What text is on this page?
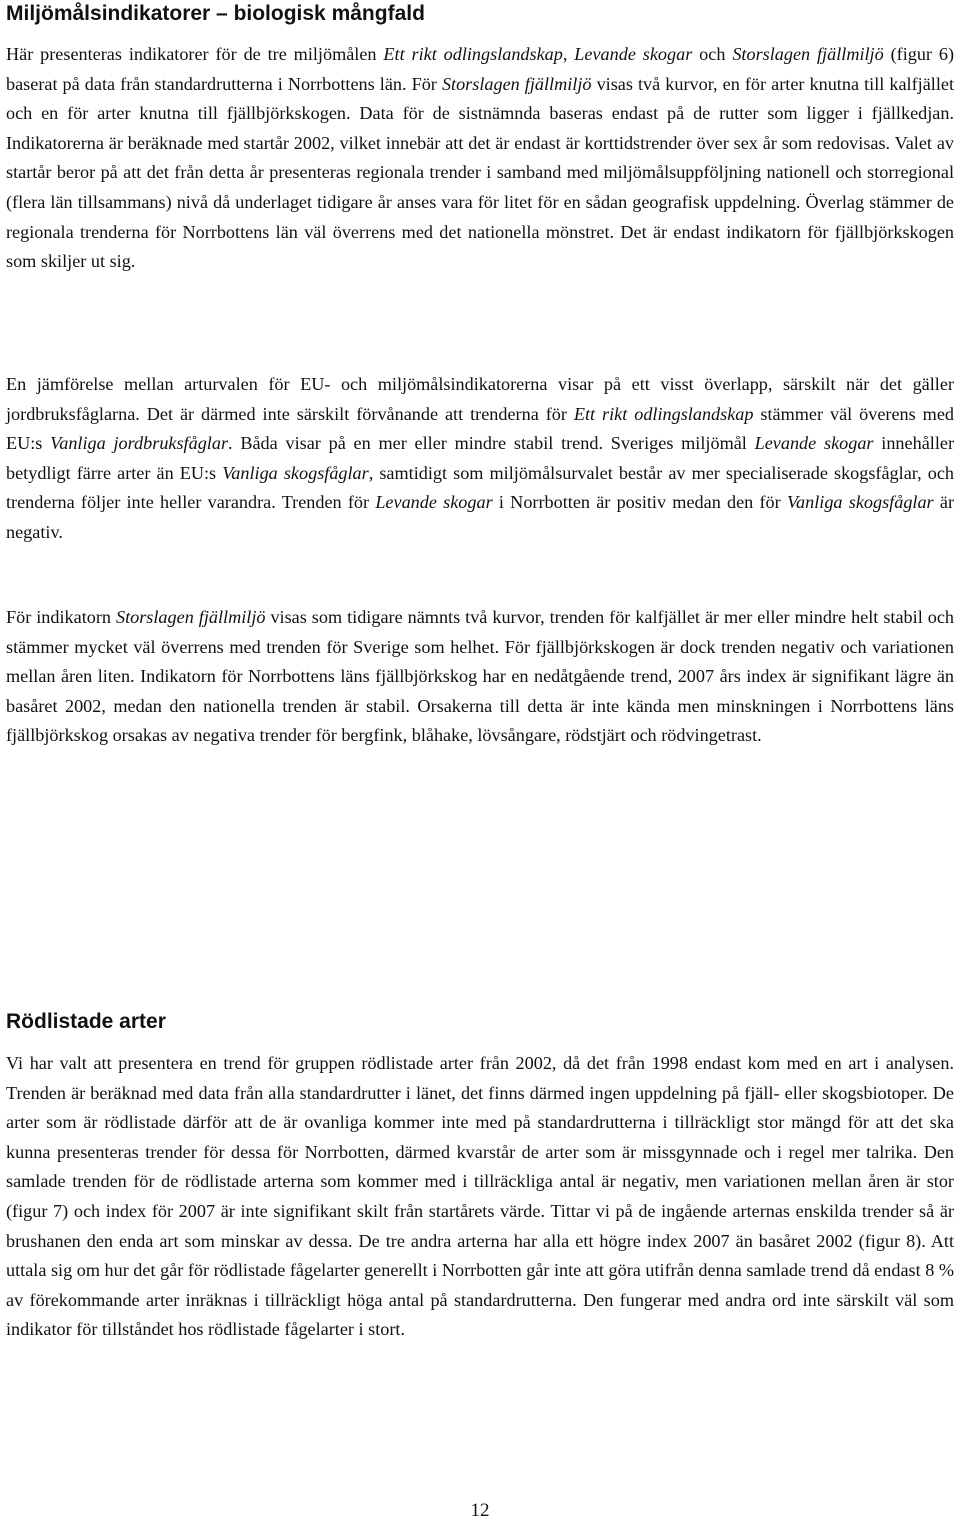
Miljömålsindikatorer – biologisk mångfald

Här presenteras indikatorer för de tre miljömålen Ett rikt odlingslandskap, Levande skogar och Storslagen fjällmiljö (figur 6) baserat på data från standardrutterna i Norrbottens län. För Storslagen fjällmiljö visas två kurvor, en för arter knutna till kalfjället och en för arter knutna till fjällbjörkskogen. Data för de sistnämnda baseras endast på de rutter som ligger i fjällkedjan. Indikatorerna är beräknade med startår 2002, vilket innebär att det är endast är korttidstrender över sex år som redovisas. Valet av startår beror på att det från detta år presenteras regionala trender i samband med miljömålsuppföljning nationell och storregional (flera län tillsammans) nivå då underlaget tidigare år anses vara för litet för en sådan geografisk uppdelning. Överlag stämmer de regionala trenderna för Norrbottens län väl överrens med det nationella mönstret. Det är endast indikatorn för fjällbjörkskogen som skiljer ut sig.

En jämförelse mellan arturvalen för EU- och miljömålsindikatorerna visar på ett visst överlapp, särskilt när det gäller jordbruksfåglarna. Det är därmed inte särskilt förvånande att trenderna för Ett rikt odlingslandskap stämmer väl överens med EU:s Vanliga jordbruksfåglar. Båda visar på en mer eller mindre stabil trend. Sveriges miljömål Levande skogar innehåller betydligt färre arter än EU:s Vanliga skogsfåglar, samtidigt som miljömålsurvalet består av mer specialiserade skogsfåglar, och trenderna följer inte heller varandra. Trenden för Levande skogar i Norrbotten är positiv medan den för Vanliga skogsfåglar är negativ.

För indikatorn Storslagen fjällmiljö visas som tidigare nämnts två kurvor, trenden för kalfjället är mer eller mindre helt stabil och stämmer mycket väl överrens med trenden för Sverige som helhet. För fjällbjörkskogen är dock trenden negativ och variationen mellan åren liten. Indikatorn för Norrbottens läns fjällbjörkskog har en nedåtgående trend, 2007 års index är signifikant lägre än basåret 2002, medan den nationella trenden är stabil. Orsakerna till detta är inte kända men minskningen i Norrbottens läns fjällbjörkskog orsakas av negativa trender för bergfink, blåhake, lövsångare, rödstjärt och rödvingetrast.

Rödlistade arter

Vi har valt att presentera en trend för gruppen rödlistade arter från 2002, då det från 1998 endast kom med en art i analysen. Trenden är beräknad med data från alla standardrutter i länet, det finns därmed ingen uppdelning på fjäll- eller skogsbiotoper. De arter som är rödlistade därför att de är ovanliga kommer inte med på standardrutterna i tillräckligt stor mängd för att det ska kunna presenteras trender för dessa för Norrbotten, därmed kvarstår de arter som är missgynnade och i regel mer talrika. Den samlade trenden för de rödlistade arterna som kommer med i tillräckliga antal är negativ, men variationen mellan åren är stor (figur 7) och index för 2007 är inte signifikant skilt från startårets värde. Tittar vi på de ingående arternas enskilda trender så är brushanen den enda art som minskar av dessa. De tre andra arterna har alla ett högre index 2007 än basåret 2002 (figur 8). Att uttala sig om hur det går för rödlistade fågelarter generellt i Norrbotten går inte att göra utifrån denna samlade trend då endast 8 % av förekommande arter inräknas i tillräckligt höga antal på standardrutterna. Den fungerar med andra ord inte särskilt väl som indikator för tillståndet hos rödlistade fågelarter i stort.

12
